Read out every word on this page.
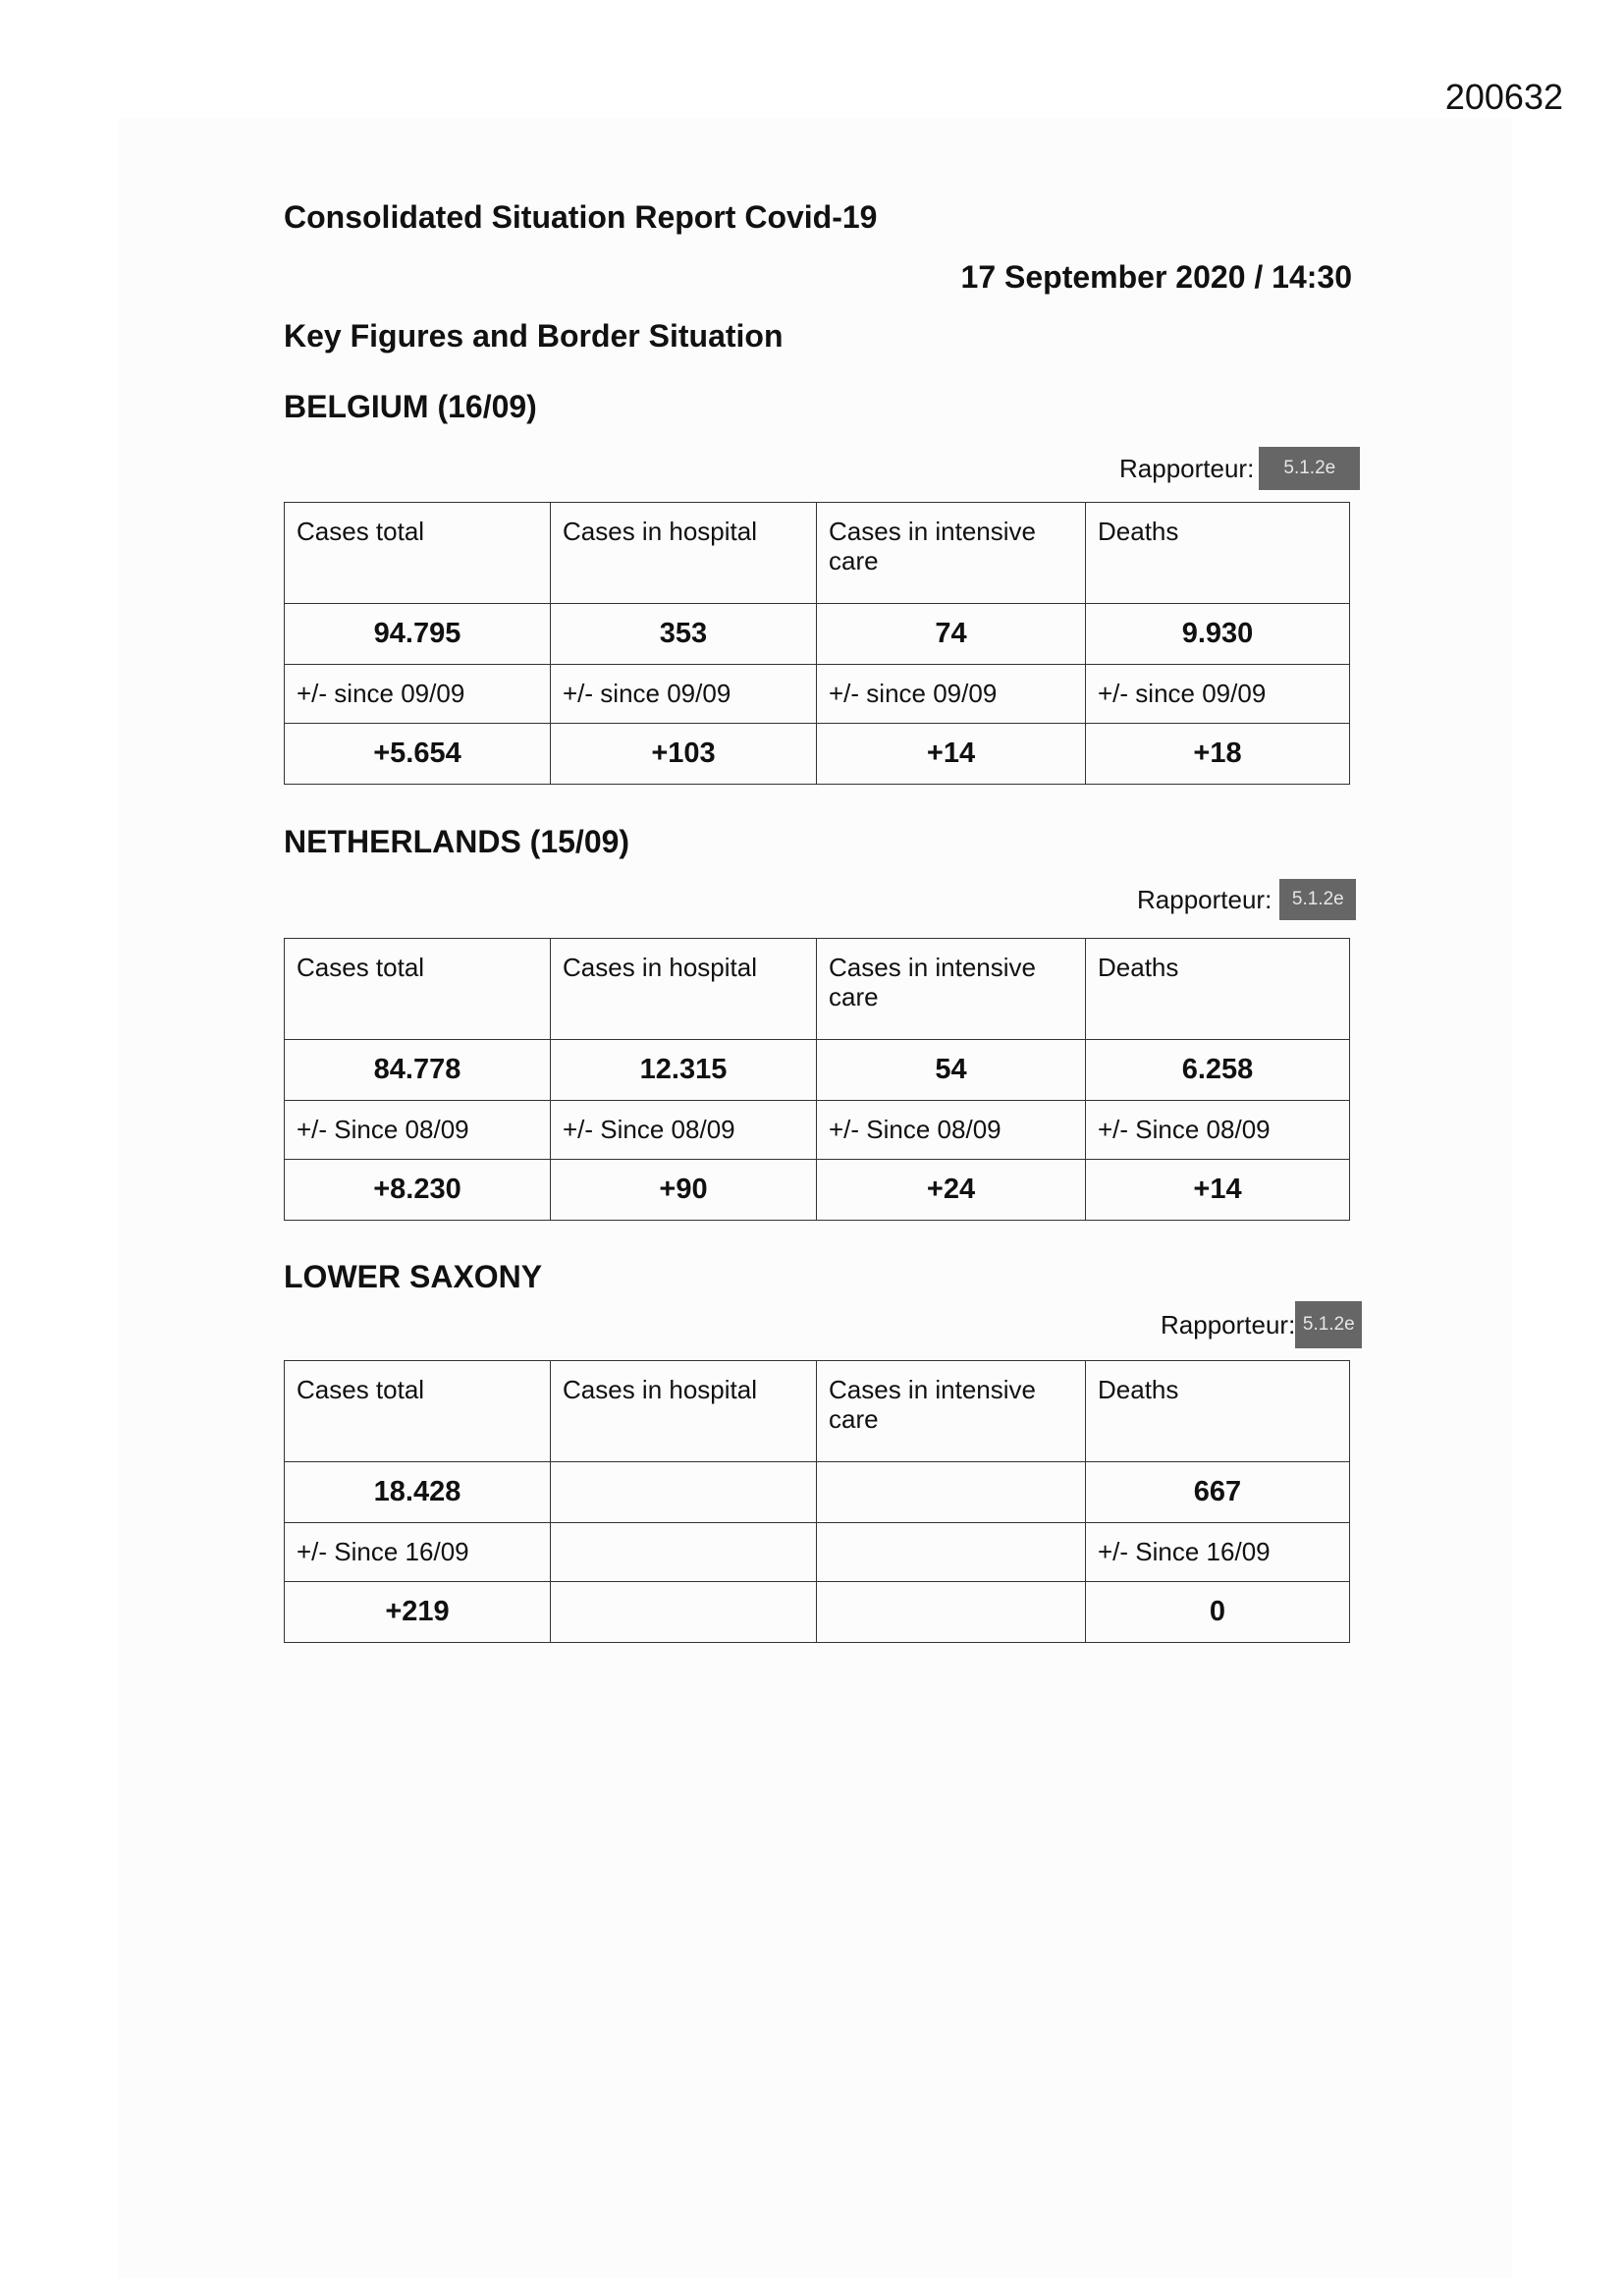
200632
Consolidated Situation Report Covid-19
17 September 2020 / 14:30
Key Figures and Border Situation
BELGIUM (16/09)
Rapporteur:	5.1.2e
Cases total	Cases in hospital	Cases in intensive care	Deaths
94.795	353	74	9.930
+/- since 09/09	+/- since 09/09	+/- since 09/09	+/- since 09/09
+5.654	+103	+14	+18
NETHERLANDS (15/09)
Rapporteur:	5.1.2e
Cases total	Cases in hospital	Cases in intensive care	Deaths
84.778	12.315	54	6.258
+/- Since 08/09	+/- Since 08/09	+/- Since 08/09	+/- Since 08/09
+8.230	+90	+24	+14
LOWER SAXONY
Rapporteur: 5.1.2e
Cases total	Cases in hospital	Cases in intensive care	Deaths
18.428			667
+/- Since 16/09			+/- Since 16/09
+219			0
